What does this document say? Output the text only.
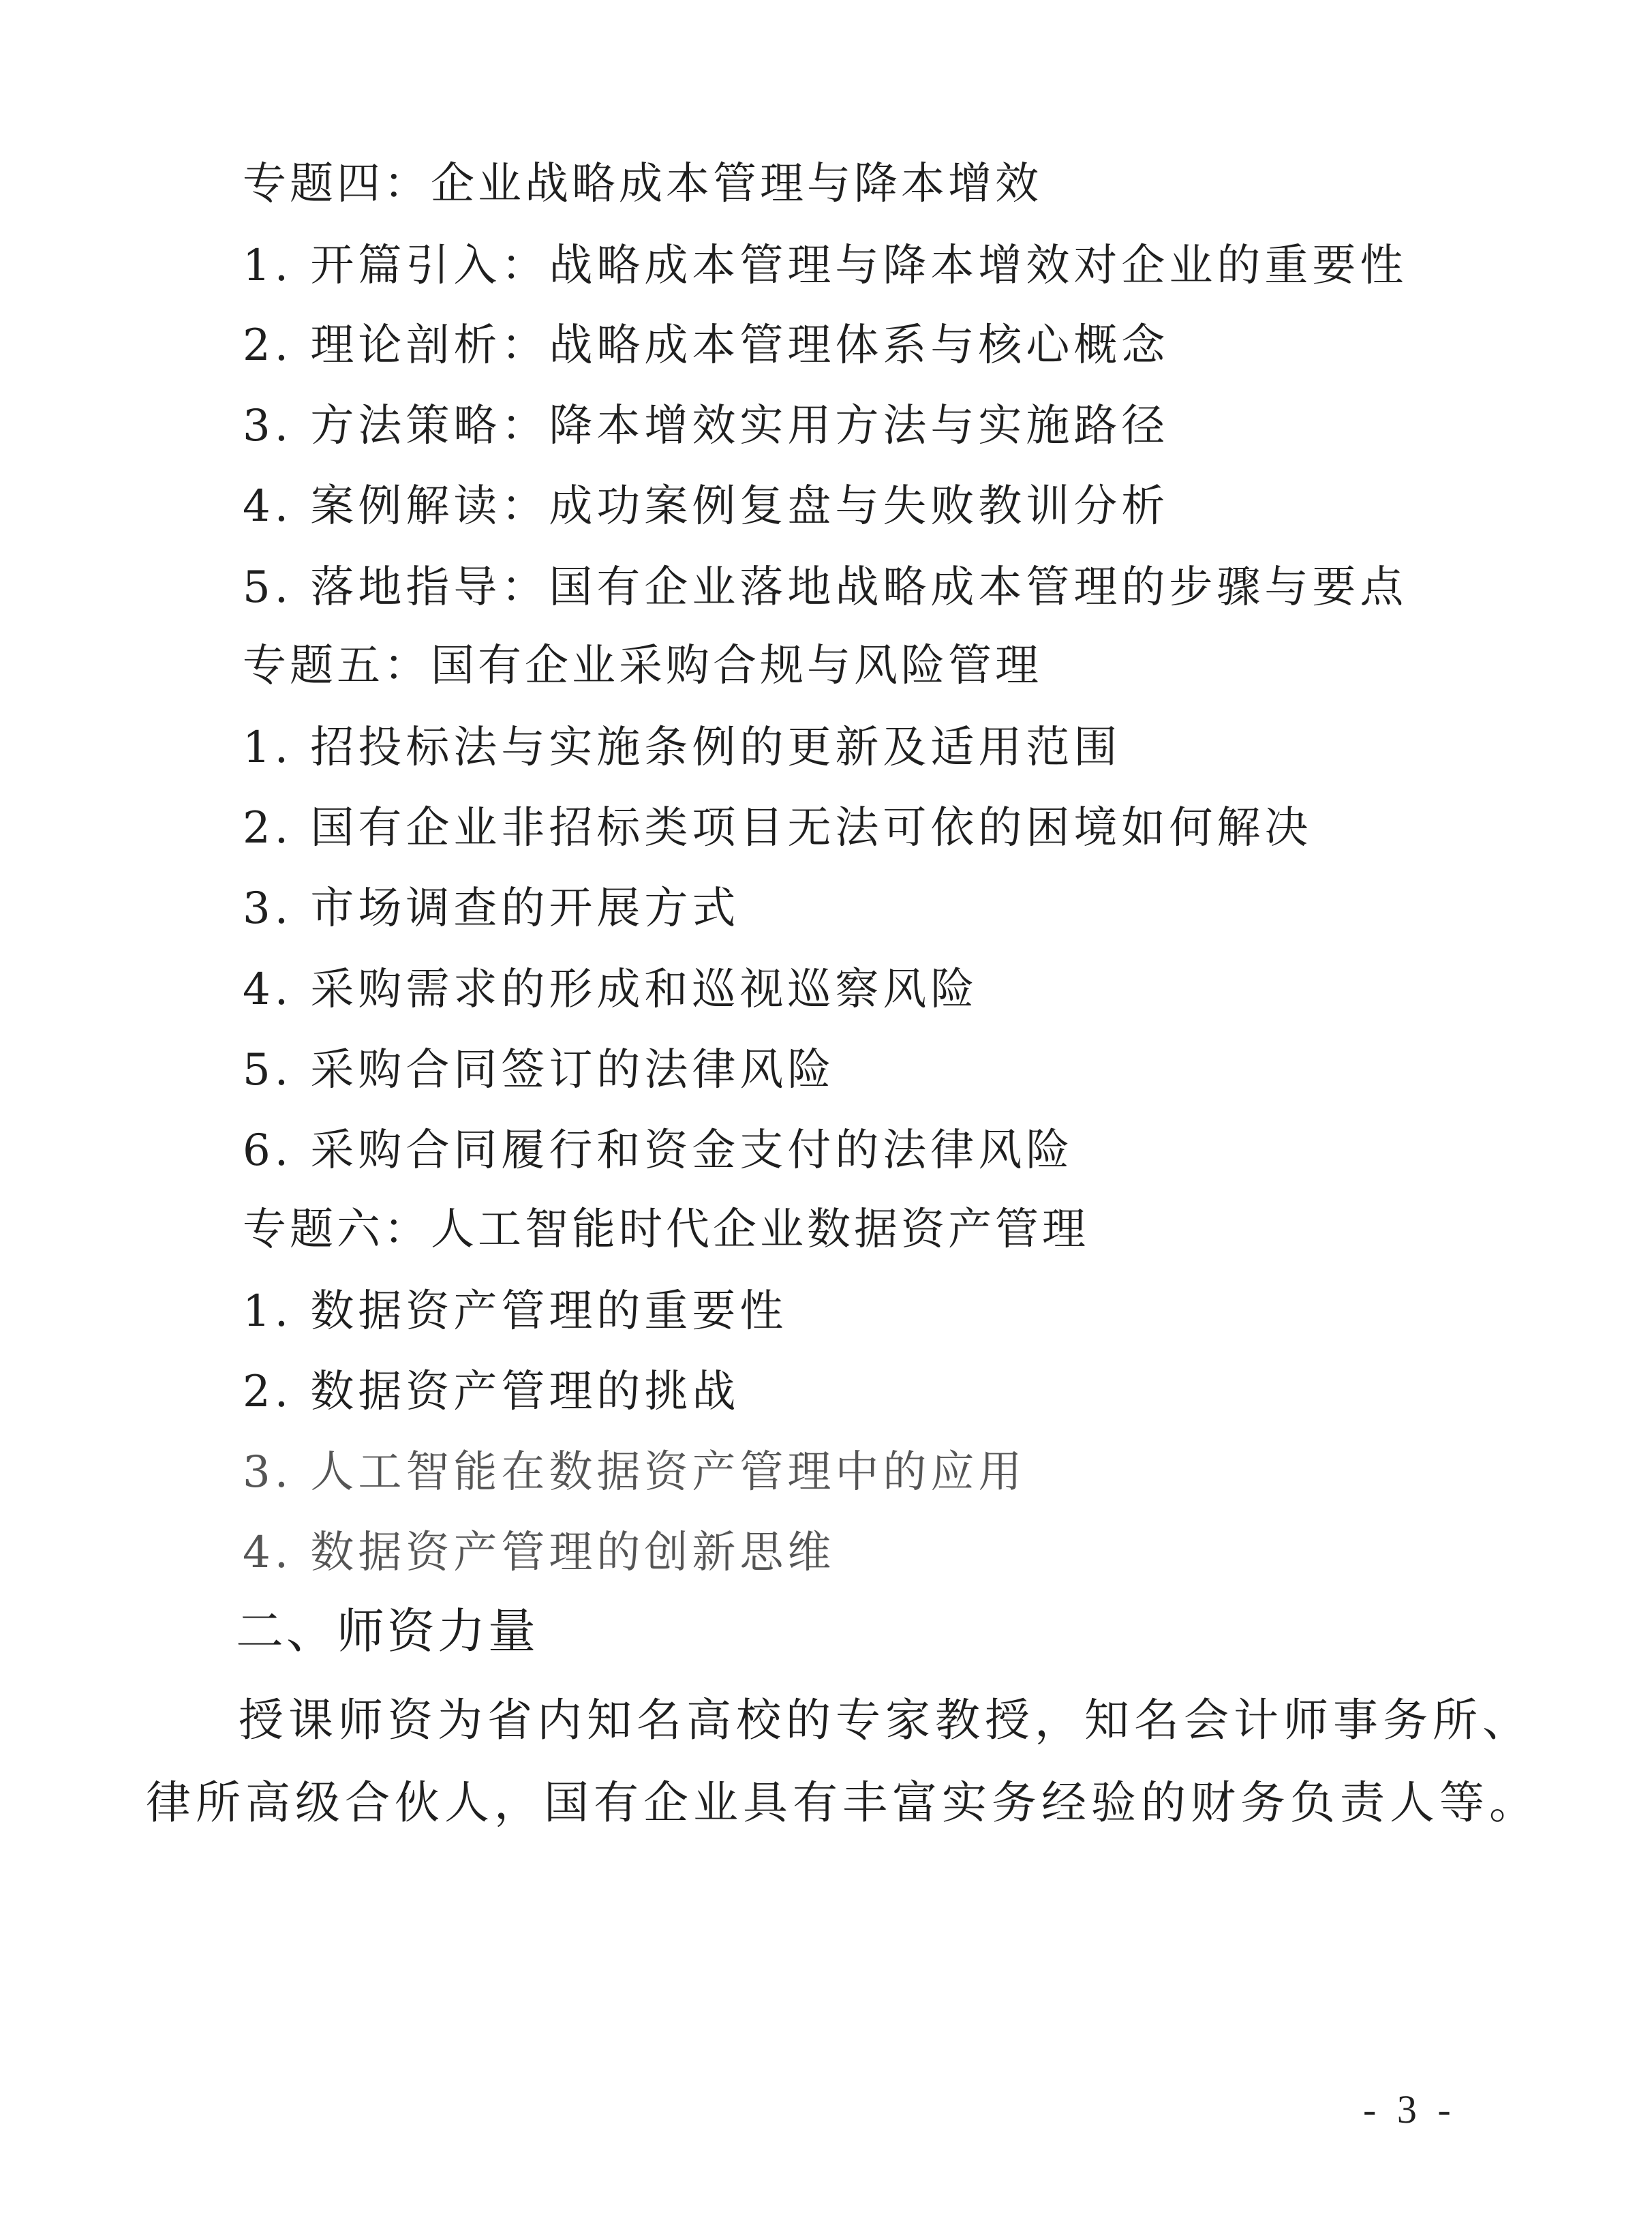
专题四：企业战略成本管理与降本增效
1. 开篇引入：战略成本管理与降本增效对企业的重要性
2. 理论剖析：战略成本管理体系与核心概念
3. 方法策略：降本增效实用方法与实施路径
4. 案例解读：成功案例复盘与失败教训分析
5. 落地指导：国有企业落地战略成本管理的步骤与要点
专题五：国有企业采购合规与风险管理
1. 招投标法与实施条例的更新及适用范围
2. 国有企业非招标类项目无法可依的困境如何解决
3. 市场调查的开展方式
4. 采购需求的形成和巡视巡察风险
5. 采购合同签订的法律风险
6. 采购合同履行和资金支付的法律风险
专题六：人工智能时代企业数据资产管理
1. 数据资产管理的重要性
2. 数据资产管理的挑战
3. 人工智能在数据资产管理中的应用
4. 数据资产管理的创新思维
二、师资力量
授课师资为省内知名高校的专家教授，知名会计师事务所、
律所高级合伙人，国有企业具有丰富实务经验的财务负责人等。
- 3 -
